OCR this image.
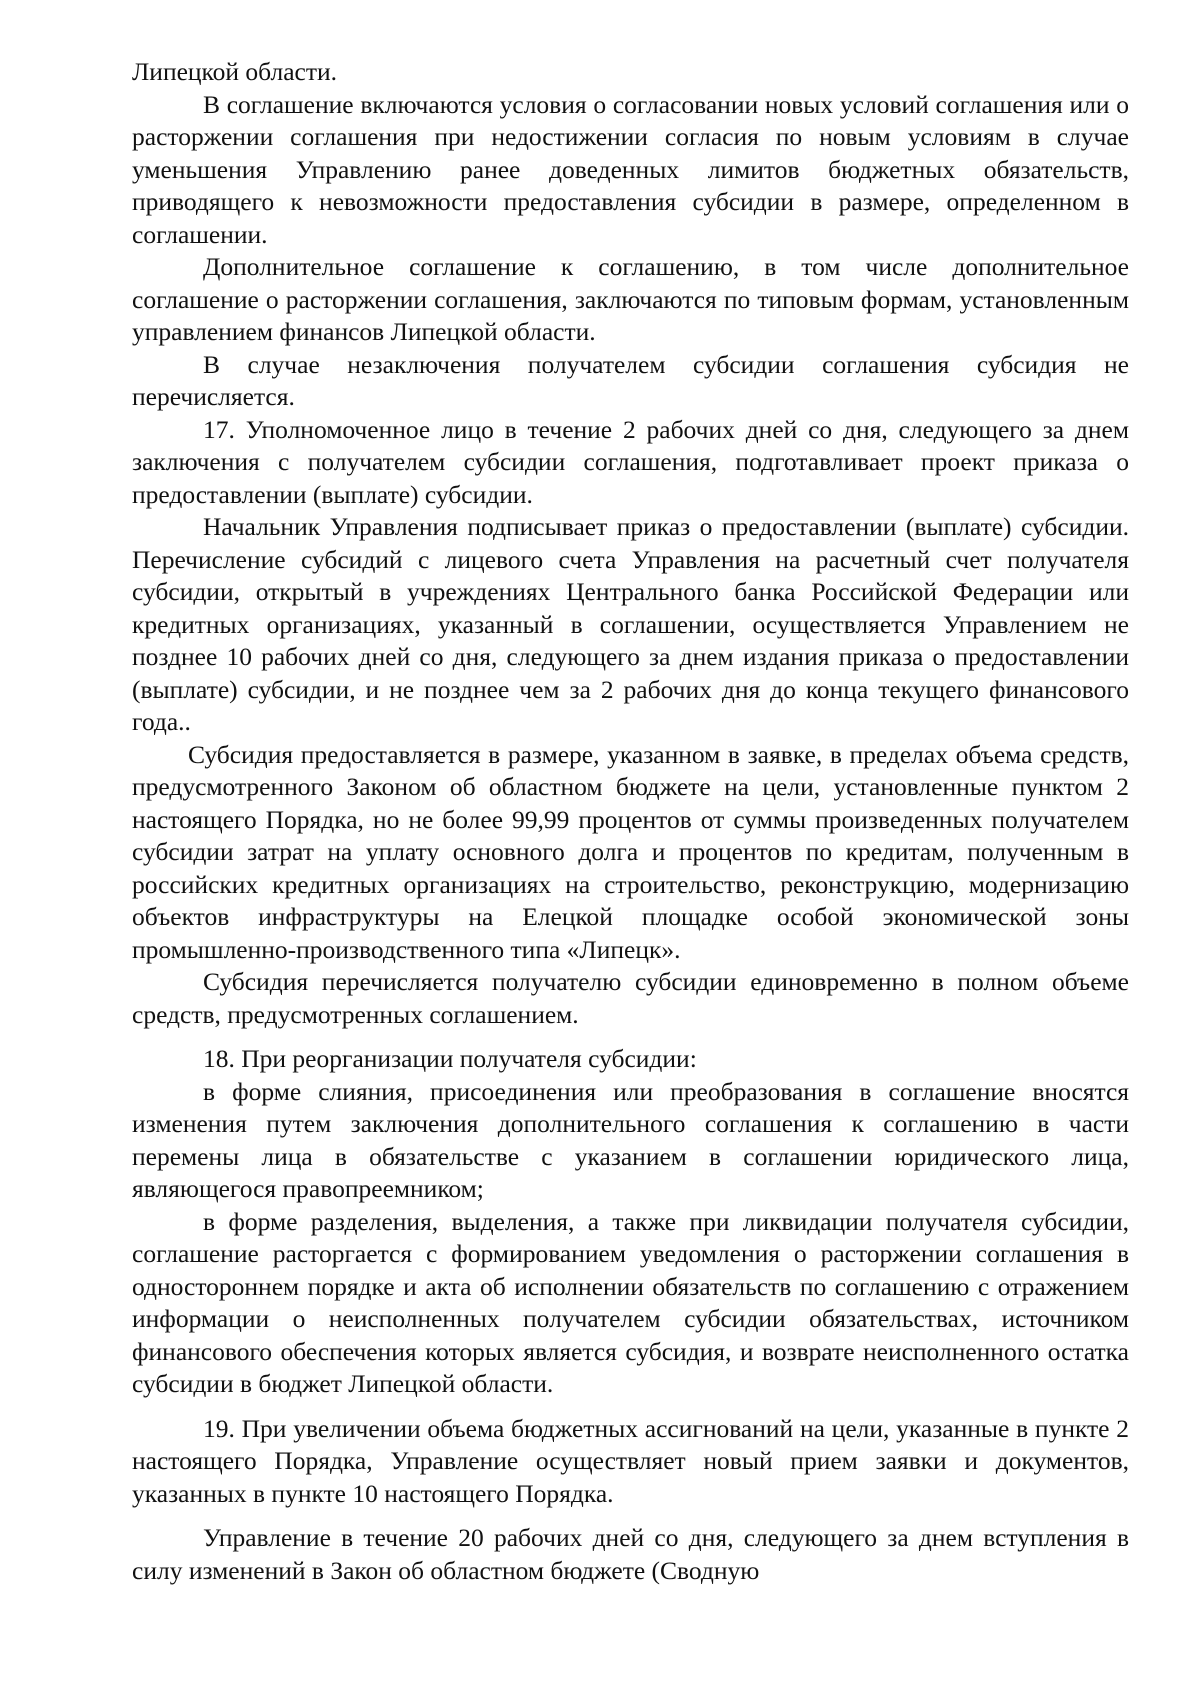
Липецкой области.

В соглашение включаются условия о согласовании новых условий соглашения или о расторжении соглашения при недостижении согласия по новым условиям в случае уменьшения Управлению ранее доведенных лимитов бюджетных обязательств, приводящего к невозможности предоставления субсидии в размере, определенном в соглашении.

Дополнительное соглашение к соглашению, в том числе дополнительное соглашение о расторжении соглашения, заключаются по типовым формам, установленным управлением финансов Липецкой области.

В случае незаключения получателем субсидии соглашения субсидия не перечисляется.

17. Уполномоченное лицо в течение 2 рабочих дней со дня, следующего за днем заключения с получателем субсидии соглашения, подготавливает проект приказа о предоставлении (выплате) субсидии.

Начальник Управления подписывает приказ о предоставлении (выплате) субсидии. Перечисление субсидий с лицевого счета Управления на расчетный счет получателя субсидии, открытый в учреждениях Центрального банка Российской Федерации или кредитных организациях, указанный в соглашении, осуществляется Управлением не позднее 10 рабочих дней со дня, следующего за днем издания приказа о предоставлении (выплате) субсидии, и не позднее чем за 2 рабочих дня до конца текущего финансового года..

Субсидия предоставляется в размере, указанном в заявке, в пределах объема средств, предусмотренного Законом об областном бюджете на цели, установленные пунктом 2 настоящего Порядка, но не более 99,99 процентов от суммы произведенных получателем субсидии затрат на уплату основного долга и процентов по кредитам, полученным в российских кредитных организациях на строительство, реконструкцию, модернизацию объектов инфраструктуры на Елецкой площадке особой экономической зоны промышленно-производственного типа «Липецк».

Субсидия перечисляется получателю субсидии единовременно в полном объеме средств, предусмотренных соглашением.

18. При реорганизации получателя субсидии:

в форме слияния, присоединения или преобразования в соглашение вносятся изменения путем заключения дополнительного соглашения к соглашению в части перемены лица в обязательстве с указанием в соглашении юридического лица, являющегося правопреемником;

в форме разделения, выделения, а также при ликвидации получателя субсидии, соглашение расторгается с формированием уведомления о расторжении соглашения в одностороннем порядке и акта об исполнении обязательств по соглашению с отражением информации о неисполненных получателем субсидии обязательствах, источником финансового обеспечения которых является субсидия, и возврате неисполненного остатка субсидии в бюджет Липецкой области.

19. При увеличении объема бюджетных ассигнований на цели, указанные в пункте 2 настоящего Порядка, Управление осуществляет новый прием заявки и документов, указанных в пункте 10 настоящего Порядка.

Управление в течение 20 рабочих дней со дня, следующего за днем вступления в силу изменений в Закон об областном бюджете (Сводную
